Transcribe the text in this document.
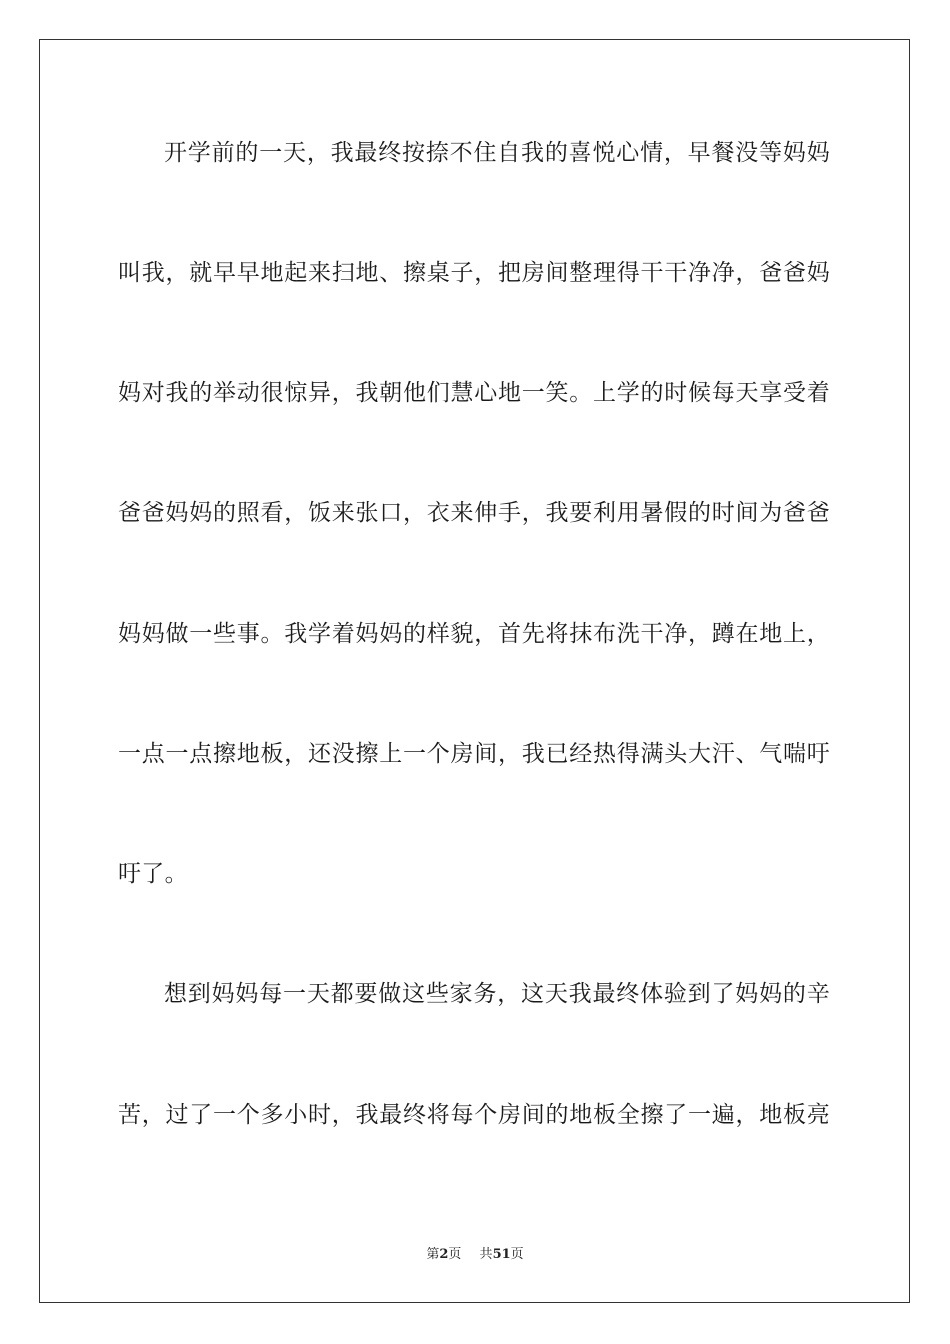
开学前的一天，我最终按捺不住自我的喜悦心情，早餐没等妈妈
叫我，就早早地起来扫地、擦桌子，把房间整理得干干净净，爸爸妈
妈对我的举动很惊异，我朝他们慧心地一笑。上学的时候每天享受着
爸爸妈妈的照看，饭来张口，衣来伸手，我要利用暑假的时间为爸爸
妈妈做一些事。我学着妈妈的样貌，首先将抹布洗干净，蹲在地上，
一点一点擦地板，还没擦上一个房间，我已经热得满头大汗、气喘吁
吁了。
想到妈妈每一天都要做这些家务，这天我最终体验到了妈妈的辛
苦，过了一个多小时，我最终将每个房间的地板全擦了一遍，地板亮
第2页 共51页
